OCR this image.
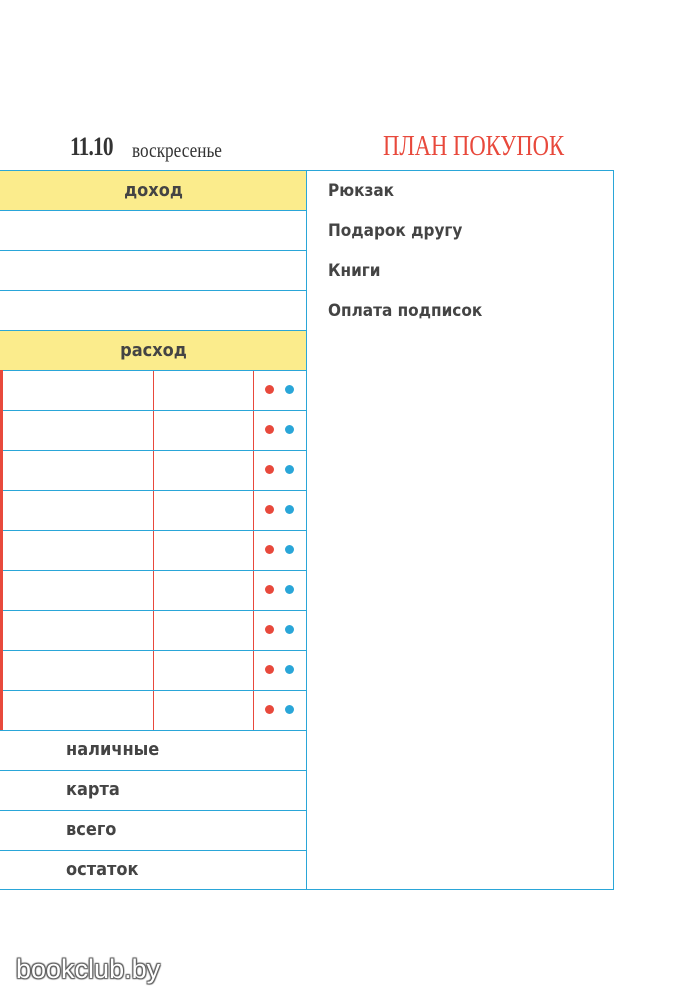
11.10 воскресенье	ПЛАН ПОКУПОК
доход
расход
наличные
карта
всего
остаток
Рюкзак
Подарок другу
Книги
Оплата подписок
bookclub.by
